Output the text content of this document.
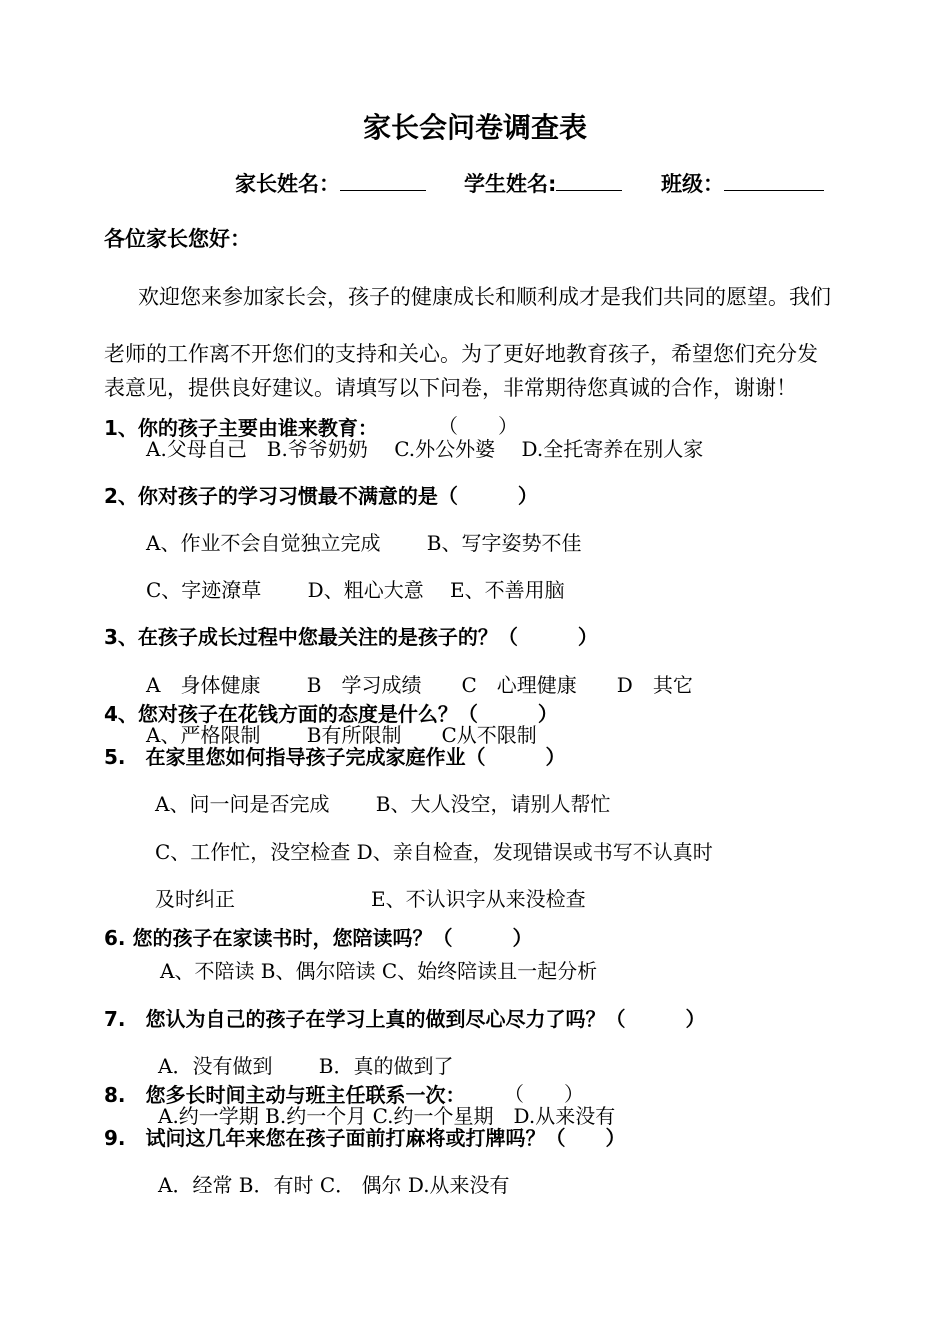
家长会问卷调查表
家长姓名：	学生姓名:	班级：
各位家长您好：
欢迎您来参加家长会，孩子的健康成长和顺利成才是我们共同的愿望。我们
老师的工作离不开您们的支持和关心。为了更好地教育孩子，希望您们充分发
表意见，提供良好建议。请填写以下问卷，非常期待您真诚的合作，谢谢！
1、你的孩子主要由谁来教育：	（　　）
A.父母自己　B.爷爷奶奶　 C.外公外婆　 D.全托寄养在别人家
2、你对孩子的学习习惯最不满意的是（　　　）
A、作业不会自觉独立完成　　 B、写字姿势不佳
C、字迹潦草　　 D、粗心大意　 E、不善用脑
3、在孩子成长过程中您最关注的是孩子的？（　　　）
A　身体健康　　 B　学习成绩　　C　心理健康　　D　其它
4、您对孩子在花钱方面的态度是什么？（　　　）
A、严格限制　　 B有所限制　　C从不限制
5.　在家里您如何指导孩子完成家庭作业（　　　）
A、问一问是否完成　　 B、大人没空，请别人帮忙
C、工作忙，没空检查 D、亲自检查，发现错误或书写不认真时
及时纠正	E、不认识字从来没检查
6. 您的孩子在家读书时，您陪读吗？（　　　）
A、不陪读 B、偶尔陪读 C、始终陪读且一起分析
7.　您认为自己的孩子在学习上真的做到尽心尽力了吗？（　　　）
A．没有做到　　 B．真的做到了
8.　您多长时间主动与班主任联系一次： （　　）
A.约一学期 B.约一个月 C.约一个星期　D.从来没有
9.　试问这几年来您在孩子面前打麻将或打牌吗？（　　）
A．经常 B．有时 C． 偶尔 D.从来没有
